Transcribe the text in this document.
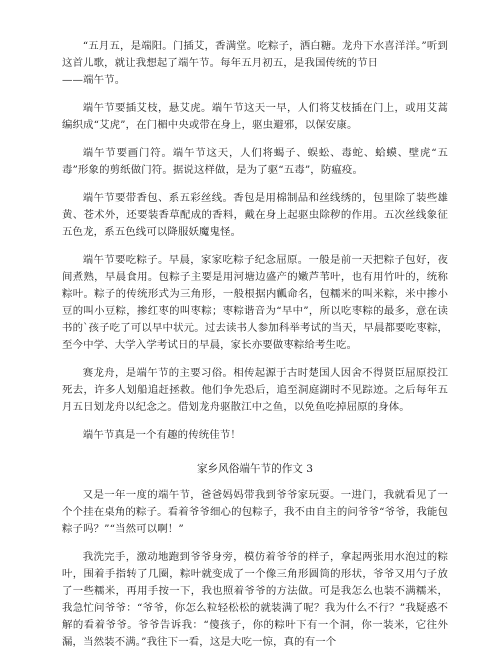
“五月五，是端阳。门插艾，香满堂。吃粽子，洒白糖。龙舟下水喜洋洋。”听到这首儿歌，就让我想起了端午节。每年五月初五，是我国传统的节日

——端午节。

端午节要插艾枝，悬艾虎。端午节这天一早，人们将艾枝插在门上，或用艾蒿编织成“艾虎”，在门楣中央或带在身上，驱虫避邪，以保安康。

端午节要画门符。端午节这天，人们将蝎子、蜈蚣、毒蛇、蛤蟆、壁虎“五毒”形象的剪纸做门符。据说这样做，是为了驱“五毒”，防瘟疫。

端午节要带香包、系五彩丝线。香包是用棉制品和丝线绣的，包里除了装些雄黄、苍术外，还要装香草配成的香料，戴在身上起驱虫除秽的作用。五次丝线象征五色龙，系五色线可以降服妖魔鬼怪。

端午节要吃粽子。早晨，家家吃粽子纪念屈原。一般是前一天把粽子包好，夜间煮熟，早晨食用。包粽子主要是用河塘边盛产的嫩芦苇叶，也有用竹叶的，统称粽叶。粽子的传统形式为三角形，一般根据内瓤命名，包糯米的叫米粽，米中掺小豆的叫小豆粽，掺红枣的叫枣粽；枣粽谐音为“早中”，所以吃枣粽的最多，意在读书的`孩子吃了可以早中状元。过去读书人参加科举考试的当天，早晨都要吃枣粽，至今中学、大学入学考试日的早晨，家长亦要做枣粽给考生吃。

赛龙舟，是端午节的主要习俗。相传起源于古时楚国人因舍不得贤臣屈原投江死去，许多人划船追赶拯救。他们争先恐后，追至洞庭湖时不见踪迹。之后每年五月五日划龙舟以纪念之。借划龙舟驱散江中之鱼，以免鱼吃掉屈原的身体。

端午节真是一个有趣的传统佳节！

家乡风俗端午节的作文 3

又是一年一度的端午节，爸爸妈妈带我到爷爷家玩耍。一进门，我就看见了一个个挂在桌角的粽子。看着爷爷细心的包粽子，我不由自主的问爷爷“爷爷，我能包粽子吗？”“当然可以啊！”

我洗完手，激动地跑到爷爷身旁，模仿着爷爷的样子，拿起两张用水泡过的粽叶，围着手指转了几圈，粽叶就变成了一个像三角形圆筒的形状，爷爷又用勺子放了一些糯米，再用手按一下，我也照着爷爷的方法做。可是我怎么也装不满糯米，我急忙问爷爷：“爷爷，你怎么粒轻松松的就装满了呢？我为什么不行？”我疑惑不解的看着爷爷。爷爷告诉我：“傻孩子，你的粽叶下有一个洞，你一装米，它往外漏，当然装不满。”我往下一看，这是大吃一惊，真的有一个
